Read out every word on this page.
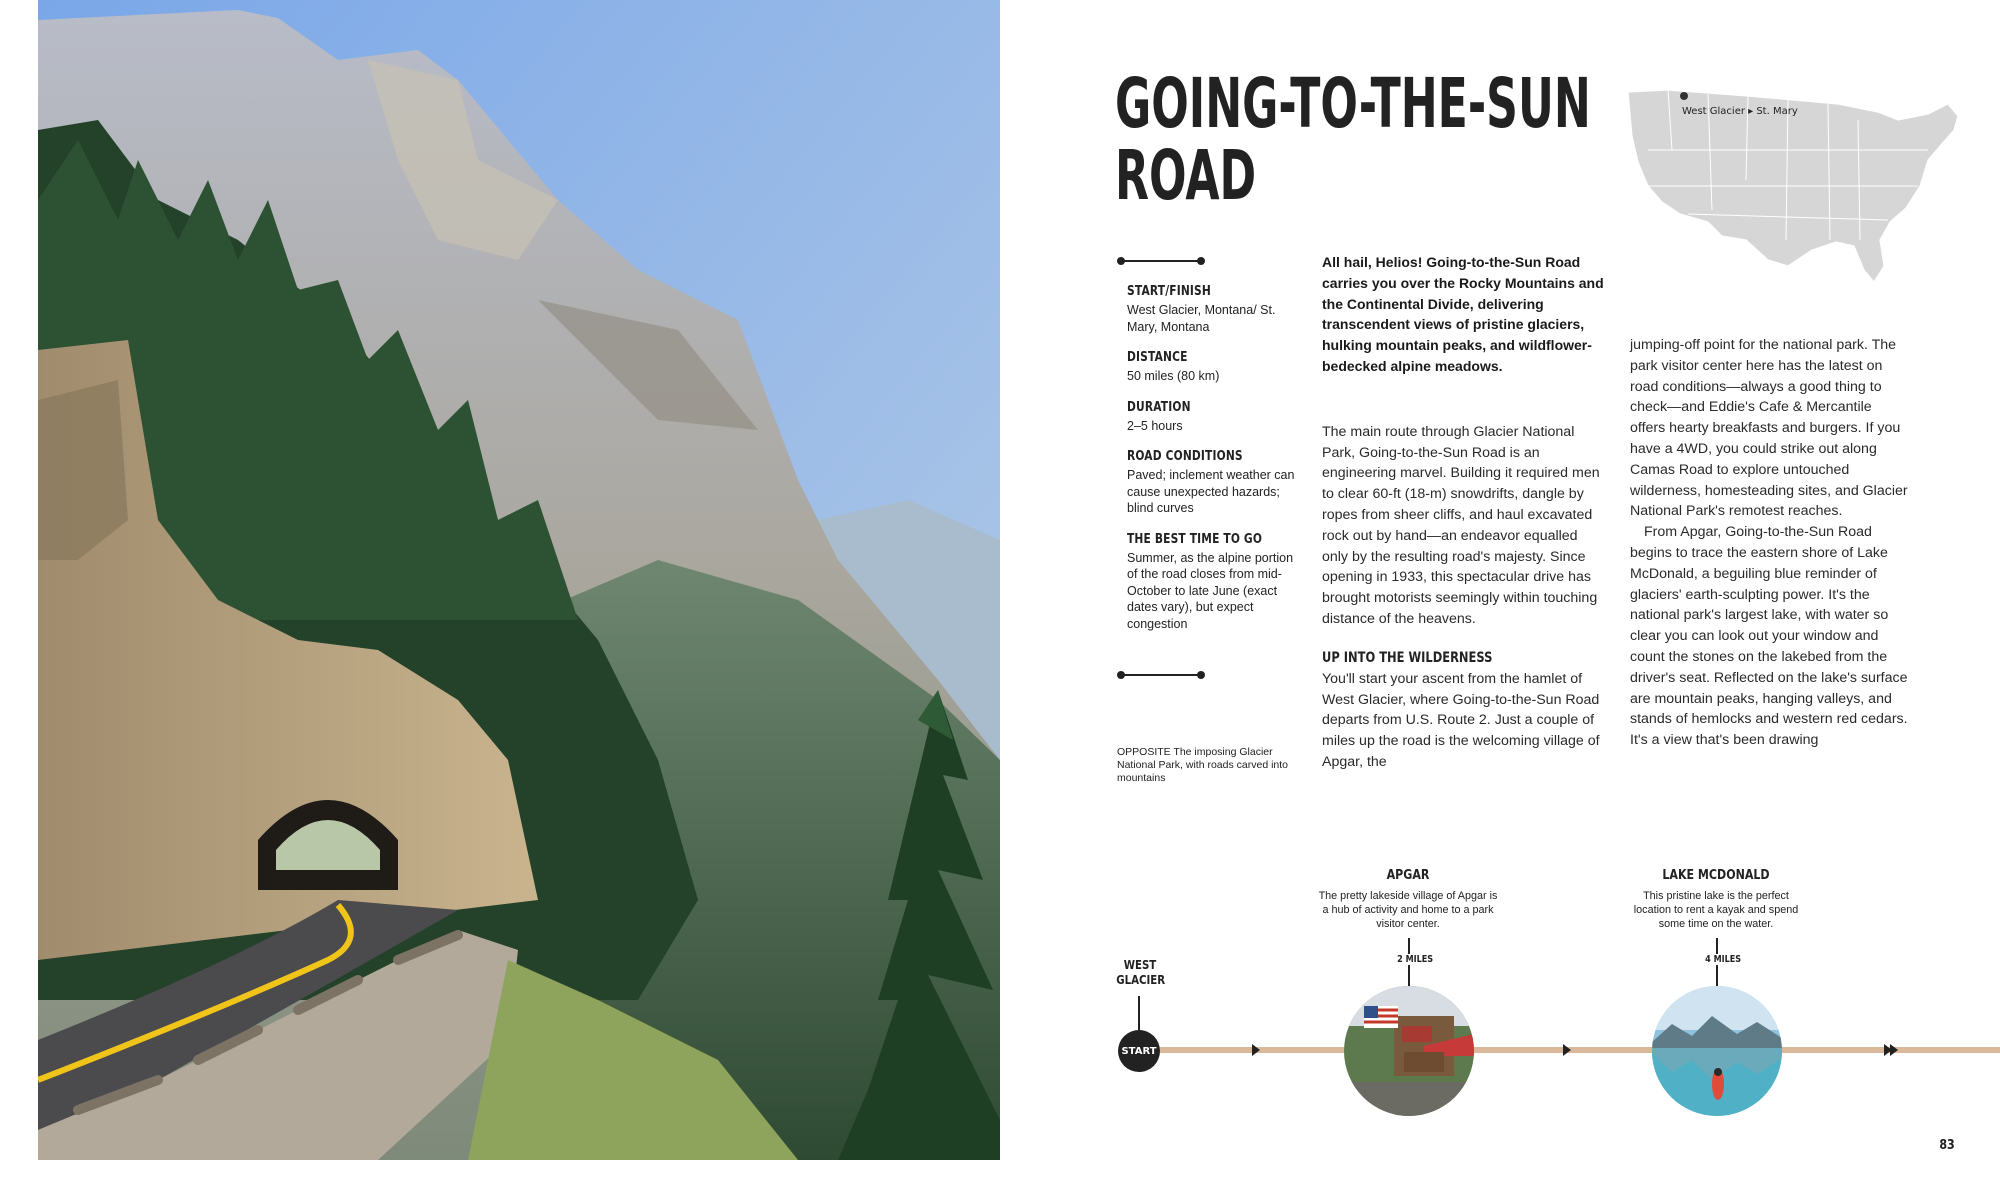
GOING-TO-THE-SUN
ROAD
West Glacier ▸ St. Mary
START/FINISH
West Glacier, Montana/ St. Mary, Montana
DISTANCE
50 miles (80 km)
DURATION
2–5 hours
ROAD CONDITIONS
Paved; inclement weather can cause unexpected hazards; blind curves
THE BEST TIME TO GO
Summer, as the alpine portion of the road closes from mid-October to late June (exact dates vary), but expect congestion
OPPOSITE The imposing Glacier National Park, with roads carved into mountains

All hail, Helios! Going-to-the-Sun Road carries you over the Rocky Mountains and the Continental Divide, delivering transcendent views of pristine glaciers, hulking mountain peaks, and wildflower-bedecked alpine meadows.

The main route through Glacier National Park, Going-to-the-Sun Road is an engineering marvel. Building it required men to clear 60-ft (18-m) snowdrifts, dangle by ropes from sheer cliffs, and haul excavated rock out by hand—an endeavor equalled only by the resulting road's majesty. Since opening in 1933, this spectacular drive has brought motorists seemingly within touching distance of the heavens.

UP INTO THE WILDERNESS

You'll start your ascent from the hamlet of West Glacier, where Going-to-the-Sun Road departs from U.S. Route 2. Just a couple of miles up the road is the welcoming village of Apgar, the

jumping-off point for the national park. The park visitor center here has the latest on road conditions—always a good thing to check—and Eddie's Cafe & Mercantile offers hearty breakfasts and burgers. If you have a 4WD, you could strike out along Camas Road to explore untouched wilderness, homesteading sites, and Glacier National Park's remotest reaches.

From Apgar, Going-to-the-Sun Road begins to trace the eastern shore of Lake McDonald, a beguiling blue reminder of glaciers' earth-sculpting power. It's the national park's largest lake, with water so clear you can look out your window and count the stones on the lakebed from the driver's seat. Reflected on the lake's surface are mountain peaks, hanging valleys, and stands of hemlocks and western red cedars. It's a view that's been drawing

WEST GLACIER
START
APGAR
The pretty lakeside village of Apgar is a hub of activity and home to a park visitor center.
2 MILES
LAKE MCDONALD
This pristine lake is the perfect location to rent a kayak and spend some time on the water.
4 MILES
83
